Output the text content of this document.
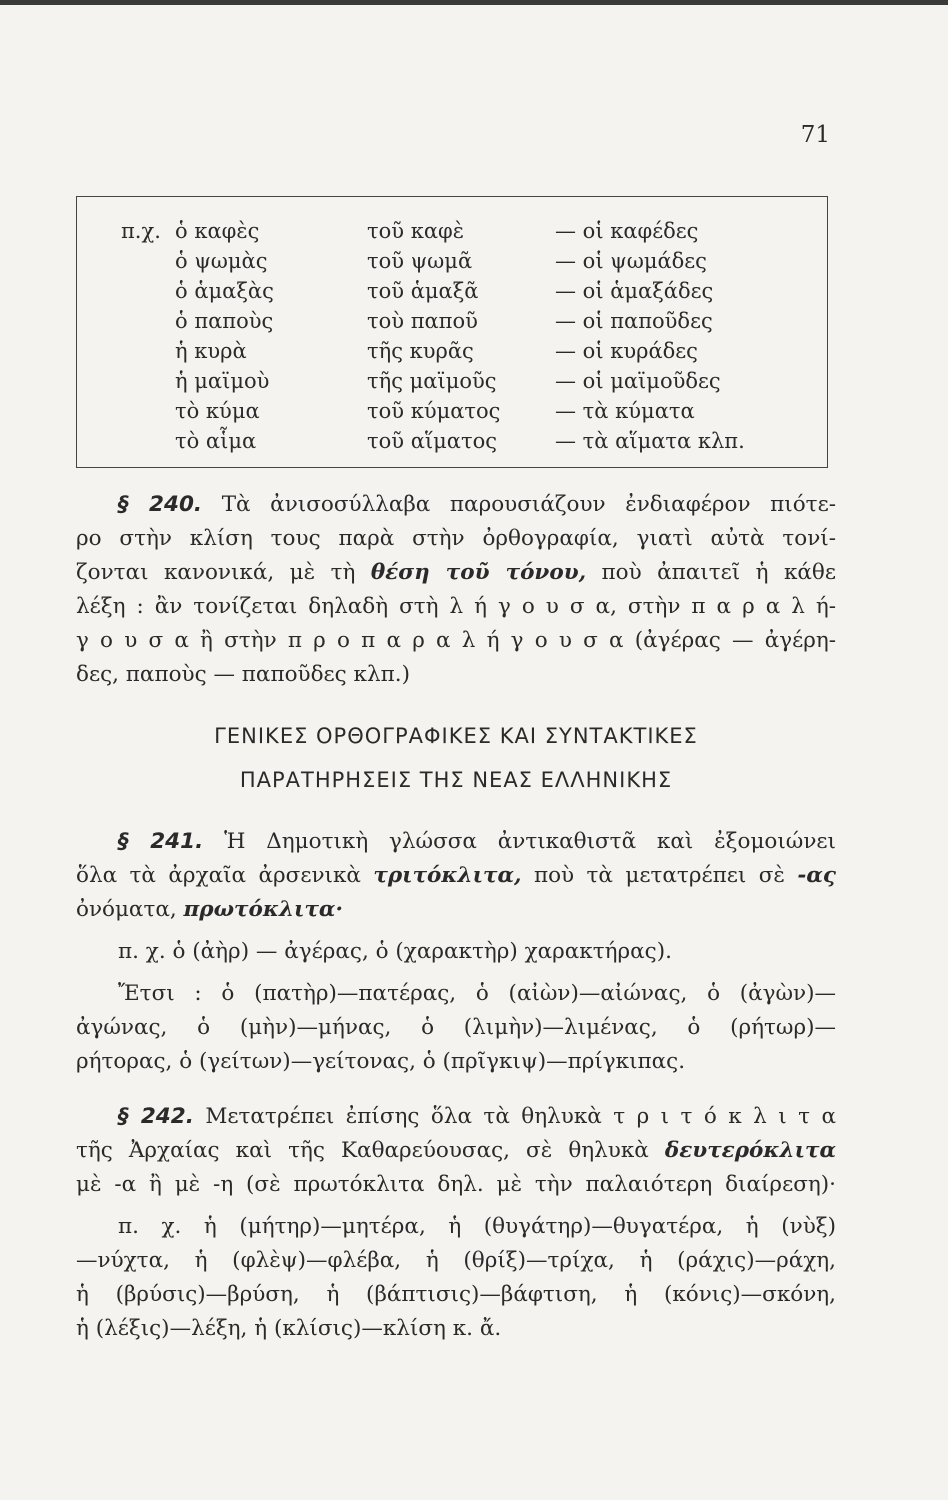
71
π.χ. ὁ καφὲς	τοῦ καφὲ	— οἱ καφέδες
ὁ ψωμὰς	τοῦ ψωμᾶ	— οἱ ψωμάδες
ὁ ἁμαξὰς	τοῦ ἁμαξᾶ	— οἱ ἁμαξάδες
ὁ παποὺς	τοὺ παποῦ	— οἱ παποῦδες
ἡ κυρὰ	τῆς κυρᾶς	— οἱ κυράδες
ἡ μαϊμοὺ	τῆς μαϊμοῦς	— οἱ μαϊμοῦδες
τὸ κύμα	τοῦ κύματος	— τὰ κύματα
τὸ αἷμα	τοῦ αἵματος	— τὰ αἵματα κλπ.

§ 240. Τὰ ἀνισοσύλλαβα παρουσιάζουν ἐνδιαφέρον πιότε-

ρο στὴν κλίση τους παρὰ στὴν ὀρθογραφία, γιατὶ αὐτὰ τονί-

ζονται κανονικά, μὲ τὴ θέση τοῦ τόνου, ποὺ ἀπαιτεῖ ἡ κάθε

λέξη : ἂν τονίζεται δηλαδὴ στὴ λ ή γ ο υ σ α, στὴν π α ρ α λ ή-

γ ο υ σ α ἢ στὴν π ρ ο π α ρ α λ ή γ ο υ σ α (ἀγέρας — ἀγέρη-

δες, παποὺς — παποῦδες κλπ.)

ΓΕΝΙΚΕΣ ΟΡΘΟΓΡΑΦΙΚΕΣ ΚΑΙ ΣΥΝΤΑΚΤΙΚΕΣ
ΠΑΡΑΤΗΡΗΣΕΙΣ ΤΗΣ ΝΕΑΣ ΕΛΛΗΝΙΚΗΣ

§ 241. Ἡ Δημοτικὴ γλώσσα ἀντικαθιστᾶ καὶ ἐξομοιώνει

ὅλα τὰ ἀρχαῖα ἀρσενικὰ τριτόκλιτα, ποὺ τὰ μετατρέπει σὲ -ας

ὀνόματα, πρωτόκλιτα·

π. χ. ὁ (ἀὴρ) — ἀγέρας, ὁ (χαρακτὴρ) χαρακτήρας).

Ἔτσι : ὁ (πατὴρ)—πατέρας, ὁ (αἰὼν)—αἰώνας, ὁ (ἀγὼν)—

ἀγώνας, ὁ (μὴν)—μήνας, ὁ (λιμὴν)—λιμένας, ὁ (ρήτωρ)—

ρήτορας, ὁ (γείτων)—γείτονας, ὁ (πρῖγκιψ)—πρίγκιπας.

§ 242. Μετατρέπει ἐπίσης ὅλα τὰ θηλυκὰ τ ρ ι τ ό κ λ ι τ α

τῆς Ἀρχαίας καὶ τῆς Καθαρεύουσας, σὲ θηλυκὰ δευτερόκλιτα

μὲ -α ἢ μὲ -η (σὲ πρωτόκλιτα δηλ. μὲ τὴν παλαιότερη διαίρεση)·

π. χ. ἡ (μήτηρ)—μητέρα, ἡ (θυγάτηρ)—θυγατέρα, ἡ (νὺξ)

—νύχτα, ἡ (φλὲψ)—φλέβα, ἡ (θρίξ)—τρίχα, ἡ (ράχις)—ράχη,

ἡ (βρύσις)—βρύση, ἡ (βάπτισις)—βάφτιση, ἡ (κόνις)—σκόνη,

ἡ (λέξις)—λέξη, ἡ (κλίσις)—κλίση κ. ἄ.
